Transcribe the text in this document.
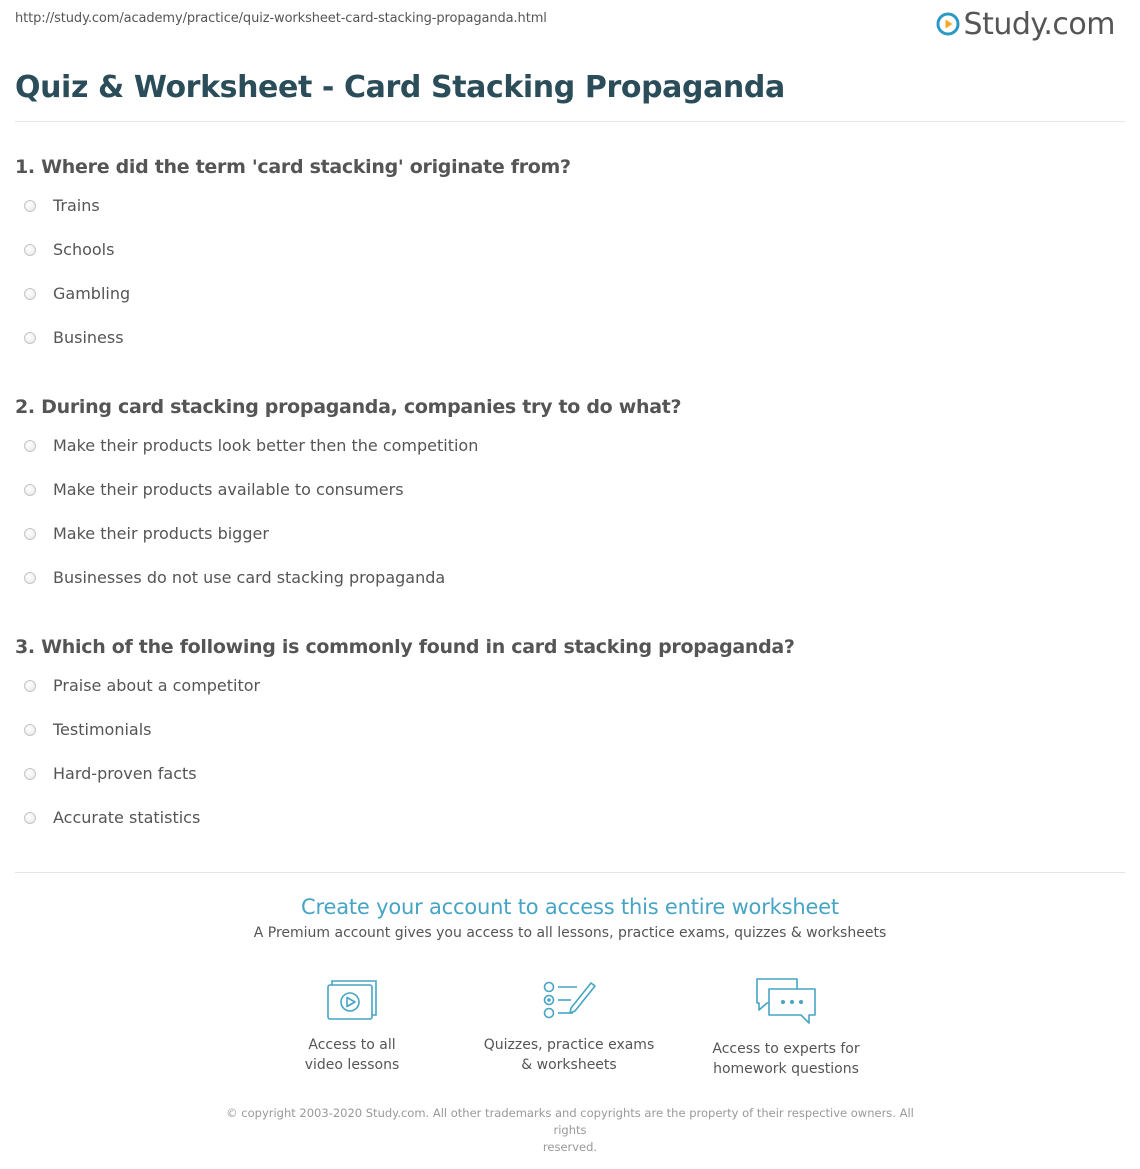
http://study.com/academy/practice/quiz-worksheet-card-stacking-propaganda.html	Study.com
Quiz & Worksheet - Card Stacking Propaganda
1. Where did the term 'card stacking' originate from?
Trains
Schools
Gambling
Business
2. During card stacking propaganda, companies try to do what?
Make their products look better then the competition
Make their products available to consumers
Make their products bigger
Businesses do not use card stacking propaganda
3. Which of the following is commonly found in card stacking propaganda?
Praise about a competitor
Testimonials
Hard-proven facts
Accurate statistics
Create your account to access this entire worksheet
A Premium account gives you access to all lessons, practice exams, quizzes & worksheets
Access to all
video lessons
Quizzes, practice exams
& worksheets
Access to experts for
homework questions
© copyright 2003-2020 Study.com. All other trademarks and copyrights are the property of their respective owners. All rights
reserved.
